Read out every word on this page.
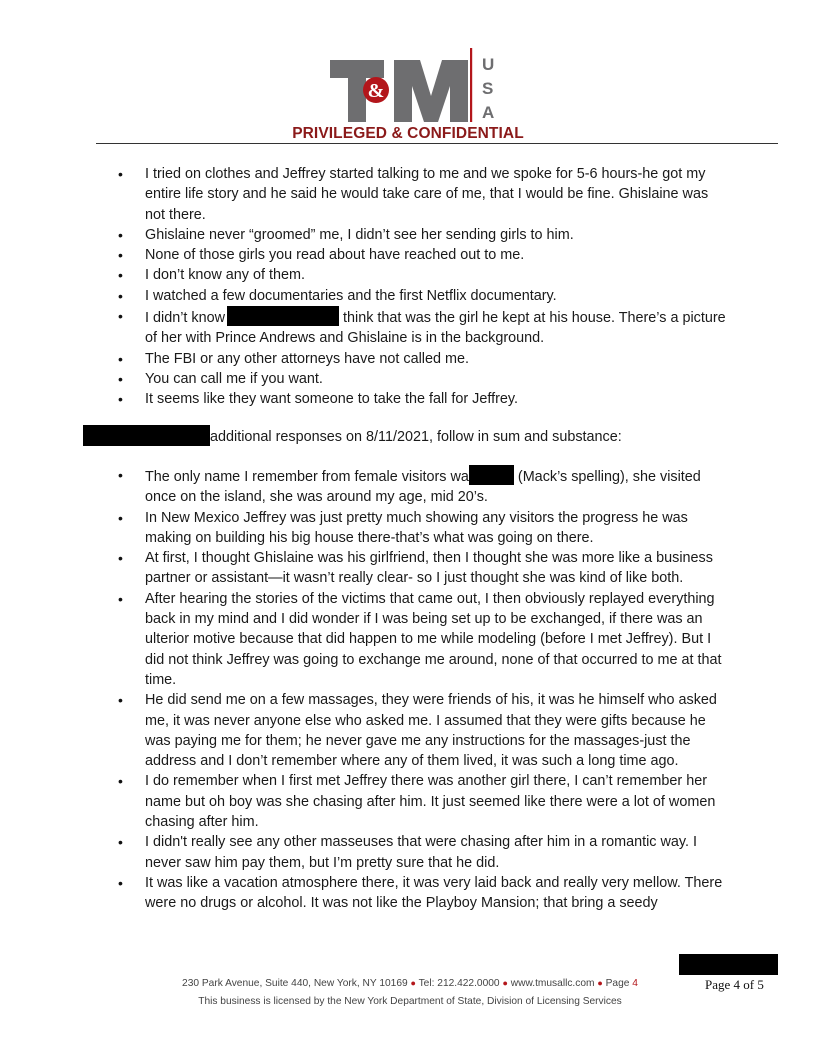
&
U
S
A
PRIVILEGED & CONFIDENTIAL
• I tried on clothes and Jeffrey started talking to me and we spoke for 5-6 hours-he got my entire life story and he said he would take care of me, that I would be fine. Ghislaine was not there.
• Ghislaine never “groomed” me, I didn’t see her sending girls to him.
• None of those girls you read about have reached out to me.
• I don’t know any of them.
• I watched a few documentaries and the first Netflix documentary.
• I didn’t know	think that was the girl he kept at his house. There’s a picture of her with Prince Andrews and Ghislaine is in the background.
• The FBI or any other attorneys have not called me.
• You can call me if you want.
• It seems like they want someone to take the fall for Jeffrey.
additional responses on 8/11/2021, follow in sum and substance:
• The only name I remember from female visitors wa	(Mack’s spelling), she visited once on the island, she was around my age, mid 20’s.
• In New Mexico Jeffrey was just pretty much showing any visitors the progress he was making on building his big house there-that’s what was going on there.
• At first, I thought Ghislaine was his girlfriend, then I thought she was more like a business partner or assistant—it wasn’t really clear- so I just thought she was kind of like both.
• After hearing the stories of the victims that came out, I then obviously replayed everything back in my mind and I did wonder if I was being set up to be exchanged, if there was an ulterior motive because that did happen to me while modeling (before I met Jeffrey). But I did not think Jeffrey was going to exchange me around, none of that occurred to me at that time.
• He did send me on a few massages, they were friends of his, it was he himself who asked me, it was never anyone else who asked me. I assumed that they were gifts because he was paying me for them; he never gave me any instructions for the massages-just the address and I don’t remember where any of them lived, it was such a long time ago.
• I do remember when I first met Jeffrey there was another girl there, I can’t remember her name but oh boy was she chasing after him. It just seemed like there were a lot of women chasing after him.
• I didn't really see any other masseuses that were chasing after him in a romantic way. I never saw him pay them, but I’m pretty sure that he did.
• It was like a vacation atmosphere there, it was very laid back and really very mellow. There were no drugs or alcohol. It was not like the Playboy Mansion; that bring a seedy
230 Park Avenue, Suite 440, New York, NY 10169 ● Tel: 212.422.0000 ● www.tmusallc.com ● Page 4	Page 4 of 5
This business is licensed by the New York Department of State, Division of Licensing Services
